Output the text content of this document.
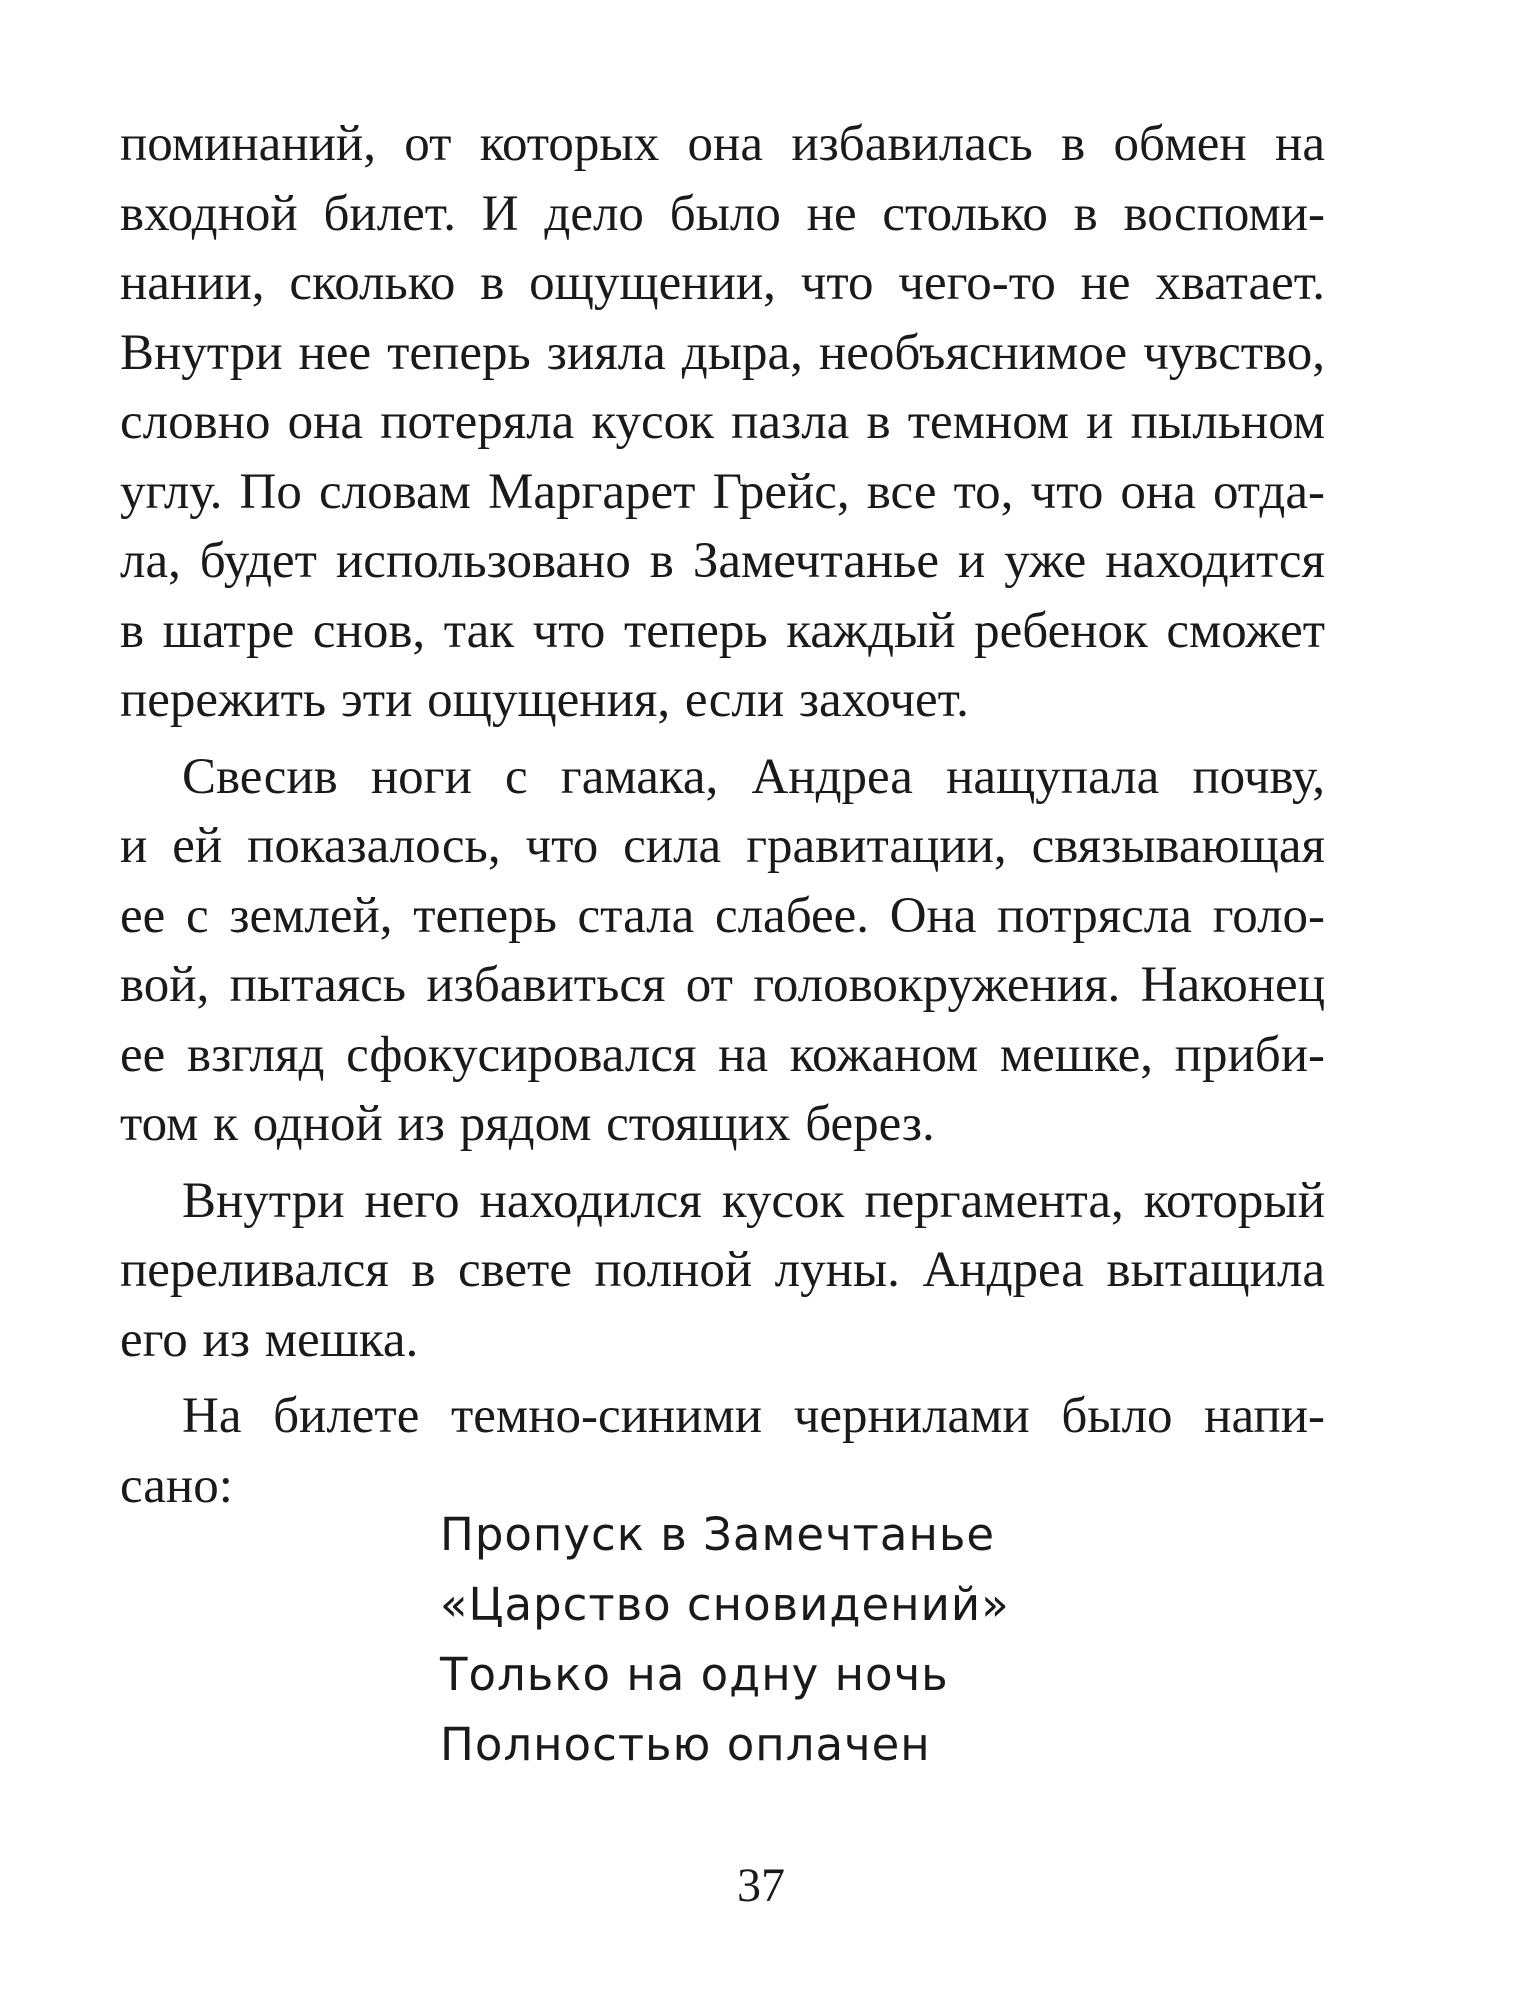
поминаний, от которых она избавилась в обмен на
входной билет. И дело было не столько в воспоми-
нании, сколько в ощущении, что чего-то не хватает.
Внутри нее теперь зияла дыра, необъяснимое чувство,
словно она потеряла кусок пазла в темном и пыльном
углу. По словам Маргарет Грейс, все то, что она отда-
ла, будет использовано в Замечтанье и уже находится
в шатре снов, так что теперь каждый ребенок сможет
пережить эти ощущения, если захочет.
Свесив ноги с гамака, Андреа нащупала почву,
и ей показалось, что сила гравитации, связывающая
ее с землей, теперь стала слабее. Она потрясла голо-
вой, пытаясь избавиться от головокружения. Наконец
ее взгляд сфокусировался на кожаном мешке, приби-
том к одной из рядом стоящих берез.
Внутри него находился кусок пергамента, который
переливался в свете полной луны. Андреа вытащила
его из мешка.
На билете темно-синими чернилами было напи-
сано:
Пропуск в Замечтанье
«Царство сновидений»
Только на одну ночь
Полностью оплачен
37
